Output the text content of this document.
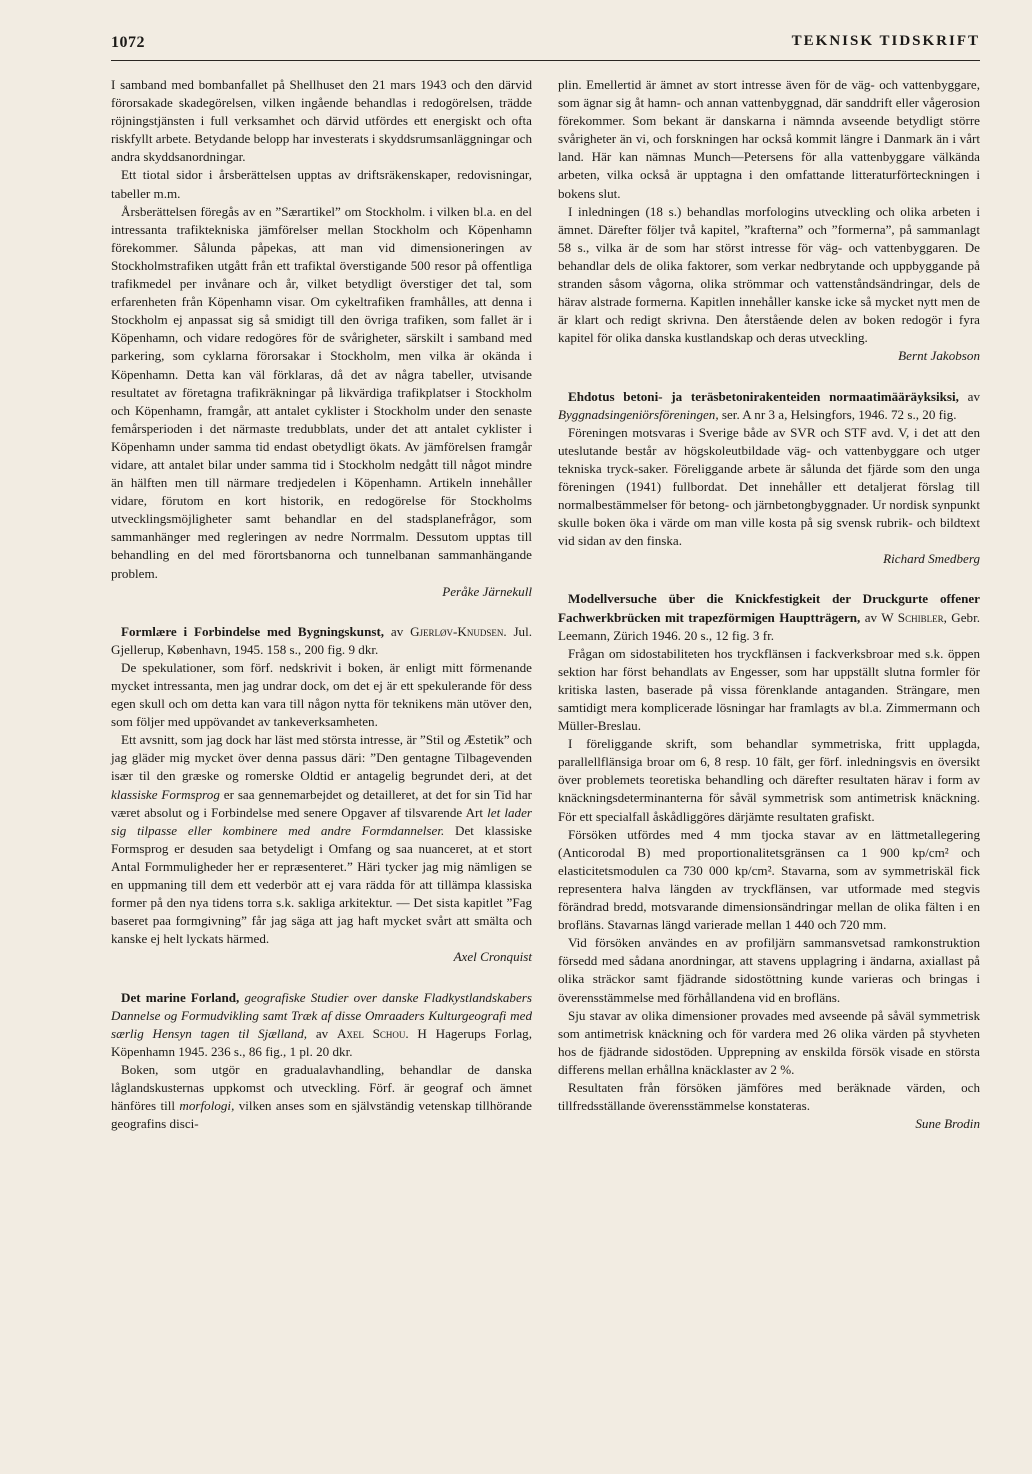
1072	TEKNISK TIDSKRIFT

I samband med bombanfallet på Shellhuset den 21 mars 1943 och den därvid förorsakade skadegörelsen, vilken ingående behandlas i redogörelsen, trädde röjningstjänsten i full verksamhet och därvid utfördes ett energiskt och ofta riskfyllt arbete. Betydande belopp har investerats i skyddsrumsanläggningar och andra skyddsanordningar.

Ett tiotal sidor i årsberättelsen upptas av driftsräkenskaper, redovisningar, tabeller m.m.

Årsberättelsen föregås av en ”Særartikel” om Stockholm. i vilken bl.a. en del intressanta trafiktekniska jämförelser mellan Stockholm och Köpenhamn förekommer. Sålunda påpekas, att man vid dimensioneringen av Stockholmstrafiken utgått från ett trafiktal överstigande 500 resor på offentliga trafikmedel per invånare och år, vilket betydligt överstiger det tal, som erfarenheten från Köpenhamn visar. Om cykeltrafiken framhålles, att denna i Stockholm ej anpassat sig så smidigt till den övriga trafiken, som fallet är i Köpenhamn, och vidare redogöres för de svårigheter, särskilt i samband med parkering, som cyklarna förorsakar i Stockholm, men vilka är okända i Köpenhamn. Detta kan väl förklaras, då det av några tabeller, utvisande resultatet av företagna trafikräkningar på likvärdiga trafikplatser i Stockholm och Köpenhamn, framgår, att antalet cyklister i Stockholm under den senaste femårsperioden i det närmaste tredubblats, under det att antalet cyklister i Köpenhamn under samma tid endast obetydligt ökats. Av jämförelsen framgår vidare, att antalet bilar under samma tid i Stockholm nedgått till något mindre än hälften men till närmare tredjedelen i Köpenhamn. Artikeln innehåller vidare, förutom en kort historik, en redogörelse för Stockholms utvecklingsmöjligheter samt behandlar en del stadsplanefrågor, som sammanhänger med regleringen av nedre Norrmalm. Dessutom upptas till behandling en del med förortsbanorna och tunnelbanan sammanhängande problem.

Peråke Järnekull

Formlære i Forbindelse med Bygningskunst, av Gjerløv-Knudsen. Jul. Gjellerup, København, 1945. 158 s., 200 fig. 9 dkr.

De spekulationer, som förf. nedskrivit i boken, är enligt mitt förmenande mycket intressanta, men jag undrar dock, om det ej är ett spekulerande för dess egen skull och om detta kan vara till någon nytta för teknikens män utöver den, som följer med uppövandet av tankeverksamheten.

Ett avsnitt, som jag dock har läst med största intresse, är ”Stil og Æstetik” och jag gläder mig mycket över denna passus däri: ”Den gentagne Tilbagevenden især til den græske og romerske Oldtid er antagelig begrundet deri, at det klassiske Formsprog er saa gennemarbejdet og detailleret, at det for sin Tid har været absolut og i Forbindelse med senere Opgaver af tilsvarende Art let lader sig tilpasse eller kombinere med andre Formdannelser. Det klassiske Formsprog er desuden saa betydeligt i Omfang og saa nuanceret, at et stort Antal Formmuligheder her er repræsenteret.” Häri tycker jag mig nämligen se en uppmaning till dem ett vederbör att ej vara rädda för att tillämpa klassiska former på den nya tidens torra s.k. sakliga arkitektur. — Det sista kapitlet ”Fag baseret paa formgivning” får jag säga att jag haft mycket svårt att smälta och kanske ej helt lyckats härmed.

Axel Cronquist

Det marine Forland, geografiske Studier over danske Fladkystlandskabers Dannelse og Formudvikling samt Træk af disse Omraaders Kulturgeografi med særlig Hensyn tagen til Sjælland, av Axel Schou. H Hagerups Forlag, Köpenhamn 1945. 236 s., 86 fig., 1 pl. 20 dkr.

Boken, som utgör en gradualavhandling, behandlar de danska låglandskusternas uppkomst och utveckling. Förf. är geograf och ämnet hänföres till morfologi, vilken anses som en självständig vetenskap tillhörande geografins disci-

plin. Emellertid är ämnet av stort intresse även för de väg- och vattenbyggare, som ägnar sig åt hamn- och annan vattenbyggnad, där sanddrift eller vågerosion förekommer. Som bekant är danskarna i nämnda avseende betydligt större svårigheter än vi, och forskningen har också kommit längre i Danmark än i vårt land. Här kan nämnas Munch—Petersens för alla vattenbyggare välkända arbeten, vilka också är upptagna i den omfattande litteraturförteckningen i bokens slut.

I inledningen (18 s.) behandlas morfologins utveckling och olika arbeten i ämnet. Därefter följer två kapitel, ”krafterna” och ”formerna”, på sammanlagt 58 s., vilka är de som har störst intresse för väg- och vattenbyggaren. De behandlar dels de olika faktorer, som verkar nedbrytande och uppbyggande på stranden såsom vågorna, olika strömmar och vattenståndsändringar, dels de härav alstrade formerna. Kapitlen innehåller kanske icke så mycket nytt men de är klart och redigt skrivna. Den återstående delen av boken redogör i fyra kapitel för olika danska kustlandskap och deras utveckling.

Bernt Jakobson

Ehdotus betoni- ja teräsbetonirakenteiden normaatimääräyksiksi, av Byggnadsingeniörsföreningen, ser. A nr 3 a, Helsingfors, 1946. 72 s., 20 fig.

Föreningen motsvaras i Sverige både av SVR och STF avd. V, i det att den uteslutande består av högskoleutbildade väg- och vattenbyggare och utger tekniska tryck-saker. Föreliggande arbete är sålunda det fjärde som den unga föreningen (1941) fullbordat. Det innehåller ett detaljerat förslag till normalbestämmelser för betong- och järnbetongbyggnader. Ur nordisk synpunkt skulle boken öka i värde om man ville kosta på sig svensk rubrik- och bildtext vid sidan av den finska.

Richard Smedberg

Modellversuche über die Knickfestigkeit der Druckgurte offener Fachwerkbrücken mit trapezförmigen Hauptträgern, av W Schibler, Gebr. Leemann, Zürich 1946. 20 s., 12 fig. 3 fr.

Frågan om sidostabiliteten hos tryckflänsen i fackverksbroar med s.k. öppen sektion har först behandlats av Engesser, som har uppställt slutna formler för kritiska lasten, baserade på vissa förenklande antaganden. Strängare, men samtidigt mera komplicerade lösningar har framlagts av bl.a. Zimmermann och Müller-Breslau.

I föreliggande skrift, som behandlar symmetriska, fritt upplagda, parallellflänsiga broar om 6, 8 resp. 10 fält, ger förf. inledningsvis en översikt över problemets teoretiska behandling och därefter resultaten härav i form av knäckningsdeterminanterna för såväl symmetrisk som antimetrisk knäckning. För ett specialfall åskådliggöres därjämte resultaten grafiskt.

Försöken utfördes med 4 mm tjocka stavar av en lättmetallegering (Anticorodal B) med proportionalitetsgränsen ca 1 900 kp/cm² och elasticitetsmodulen ca 730 000 kp/cm². Stavarna, som av symmetriskäl fick representera halva längden av tryckflänsen, var utformade med stegvis förändrad bredd, motsvarande dimensionsändringar mellan de olika fälten i en brofläns. Stavarnas längd varierade mellan 1 440 och 720 mm.

Vid försöken användes en av profiljärn sammansvetsad ramkonstruktion försedd med sådana anordningar, att stavens upplagring i ändarna, axiallast på olika sträckor samt fjädrande sidostöttning kunde varieras och bringas i överensstämmelse med förhållandena vid en brofläns.

Sju stavar av olika dimensioner provades med avseende på såväl symmetrisk som antimetrisk knäckning och för vardera med 26 olika värden på styvheten hos de fjädrande sidostöden. Upprepning av enskilda försök visade en största differens mellan erhållna knäcklaster av 2 %.

Resultaten från försöken jämföres med beräknade värden, och tillfredsställande överensstämmelse konstateras.

Sune Brodin
